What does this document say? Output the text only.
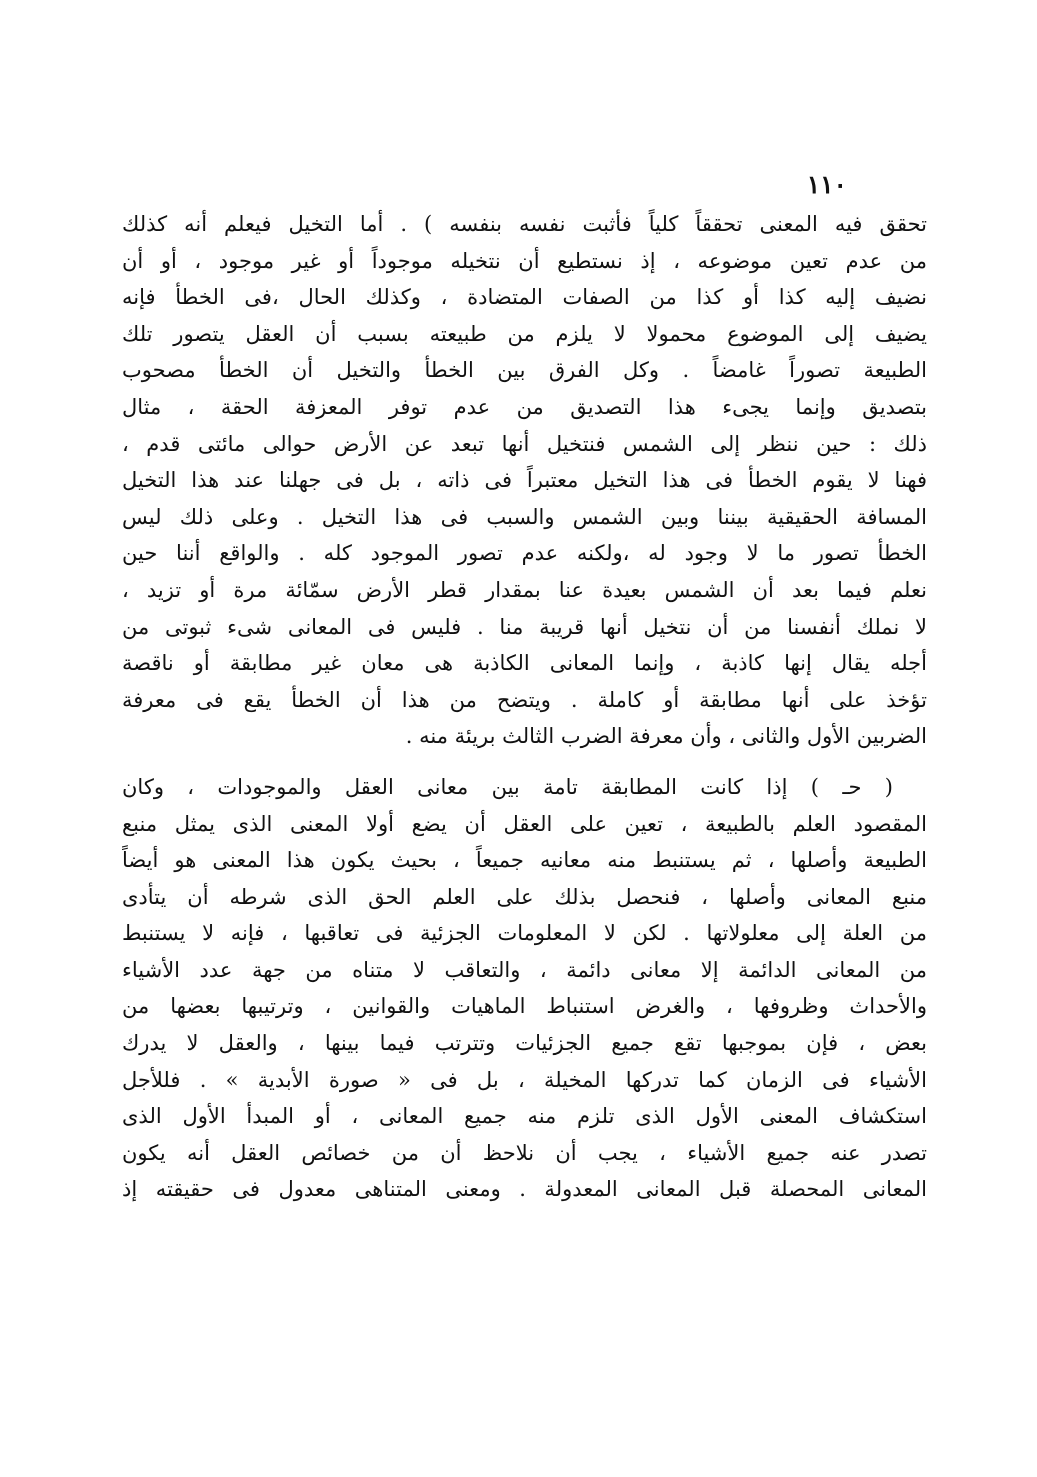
١١٠
تحقق فيه المعنى تحققاً كلياً فأثبت نفسه بنفسه ) . أما التخيل فيعلم أنه كذلك
من عدم تعين موضوعه ، إذ نستطيع أن نتخيله موجوداً أو غير موجود ، أو أن
نضيف إليه كذا أو كذا من الصفات المتضادة ، وكذلك الحال ،فى الخطأ فإنه
يضيف إلى الموضوع محمولا لا يلزم من طبيعته بسبب أن العقل يتصور تلك
الطبيعة تصوراً غامضاً . وكل الفرق بين الخطأ والتخيل أن الخطأ مصحوب
بتصديق وإنما يجىء هذا التصديق من عدم توفر المعزفة الحقة ، مثال
ذلك : حين ننظر إلى الشمس فنتخيل أنها تبعد عن الأرض حوالى مائتى قدم ،
فهنا لا يقوم الخطأ فى هذا التخيل معتبراً فى ذاته ، بل فى جهلنا عند هذا التخيل
المسافة الحقيقية بيننا وبين الشمس والسبب فى هذا التخيل . وعلى ذلك ليس
الخطأ تصور ما لا وجود له ،ولكنه عدم تصور الموجود كله . والواقع أننا حين
نعلم فيما بعد أن الشمس بعيدة عنا بمقدار قطر الأرض سمّائة مرة أو تزيد ،
لا نملك أنفسنا من أن نتخيل أنها قريبة منا . فليس فى المعانى شىء ثبوتى من
أجله يقال إنها كاذبة ، وإنما المعانى الكاذبة هى معان غير مطابقة أو ناقصة
تؤخذ على أنها مطابقة أو كاملة . ويتضح من هذا أن الخطأ يقع فى معرفة
الضربين الأول والثانى ، وأن معرفة الضرب الثالث بريئة منه .
( حـ ) إذا كانت المطابقة تامة بين معانى العقل والموجودات ، وكان
المقصود العلم بالطبيعة ، تعين على العقل أن يضع أولا المعنى الذى يمثل منبع
الطبيعة وأصلها ، ثم يستنبط منه معانيه جميعاً ، بحيث يكون هذا المعنى هو أيضاً
منبع المعانى وأصلها ، فنحصل بذلك على العلم الحق الذى شرطه أن يتأدى
من العلة إلى معلولاتها . لكن لا المعلومات الجزئية فى تعاقبها ، فإنه لا يستنبط
من المعانى الدائمة إلا معانى دائمة ، والتعاقب لا متناه من جهة عدد الأشياء
والأحداث وظروفها ، والغرض استنباط الماهيات والقوانين ، وترتيبها بعضها من
بعض ، فإن بموجبها تقع جميع الجزئيات وتترتب فيما بينها ، والعقل لا يدرك
الأشياء فى الزمان كما تدركها المخيلة ، بل فى « صورة الأبدية » . فللأجل
استكشاف المعنى الأول الذى تلزم منه جميع المعانى ، أو المبدأ الأول الذى
تصدر عنه جميع الأشياء ، يجب أن نلاحظ أن من خصائص العقل أنه يكون
المعانى المحصلة قبل المعانى المعدولة . ومعنى المتناهى معدول فى حقيقته إذ
